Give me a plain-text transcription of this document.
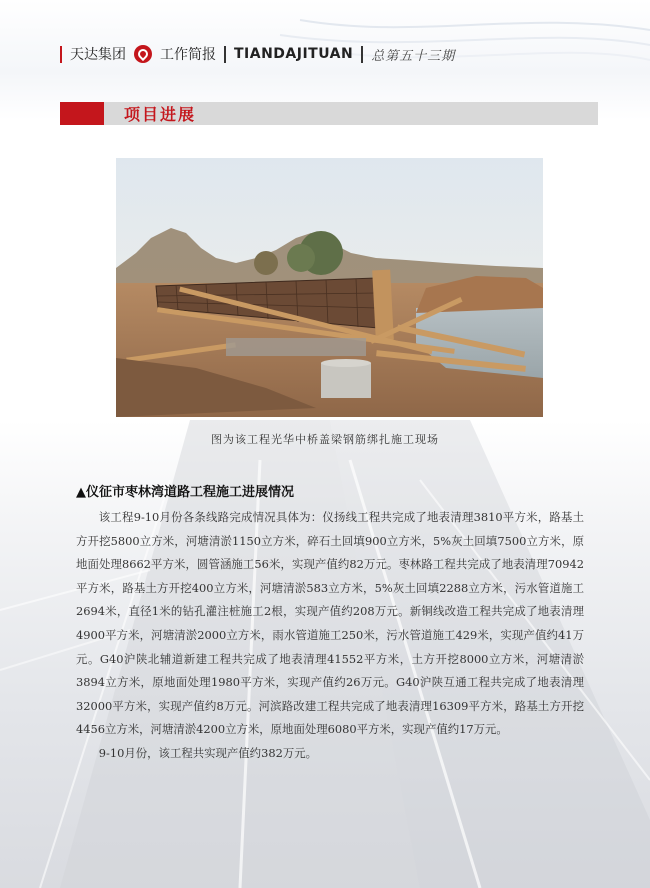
天达集团 工作简报 TIANDAJITUAN 总第五十三期
项目进展
图为该工程光华中桥盖梁钢筋绑扎施工现场
▲仪征市枣林湾道路工程施工进展情况

该工程9-10月份各条线路完成情况具体为：仪扬线工程共完成了地表清理3810平方米，路基土方开挖5800立方米，河塘清淤1150立方米，碎石土回填900立方米，5%灰土回填7500立方米，原地面处理8662平方米，圆管涵施工56米，实现产值约82万元。枣林路工程共完成了地表清理70942平方米，路基土方开挖400立方米，河塘清淤583立方米，5%灰土回填2288立方米，污水管道施工2694米，直径1米的钻孔灌注桩施工2根，实现产值约208万元。新铜线改造工程共完成了地表清理4900平方米，河塘清淤2000立方米，雨水管道施工250米，污水管道施工429米，实现产值约41万元。G40沪陕北辅道新建工程共完成了地表清理41552平方米，土方开挖8000立方米，河塘清淤3894立方米，原地面处理1980平方米，实现产值约26万元。G40沪陕互通工程共完成了地表清理32000平方米，实现产值约8万元。河滨路改建工程共完成了地表清理16309平方米，路基土方开挖4456立方米，河塘清淤4200立方米，原地面处理6080平方米，实现产值约17万元。

9-10月份，该工程共实现产值约382万元。
